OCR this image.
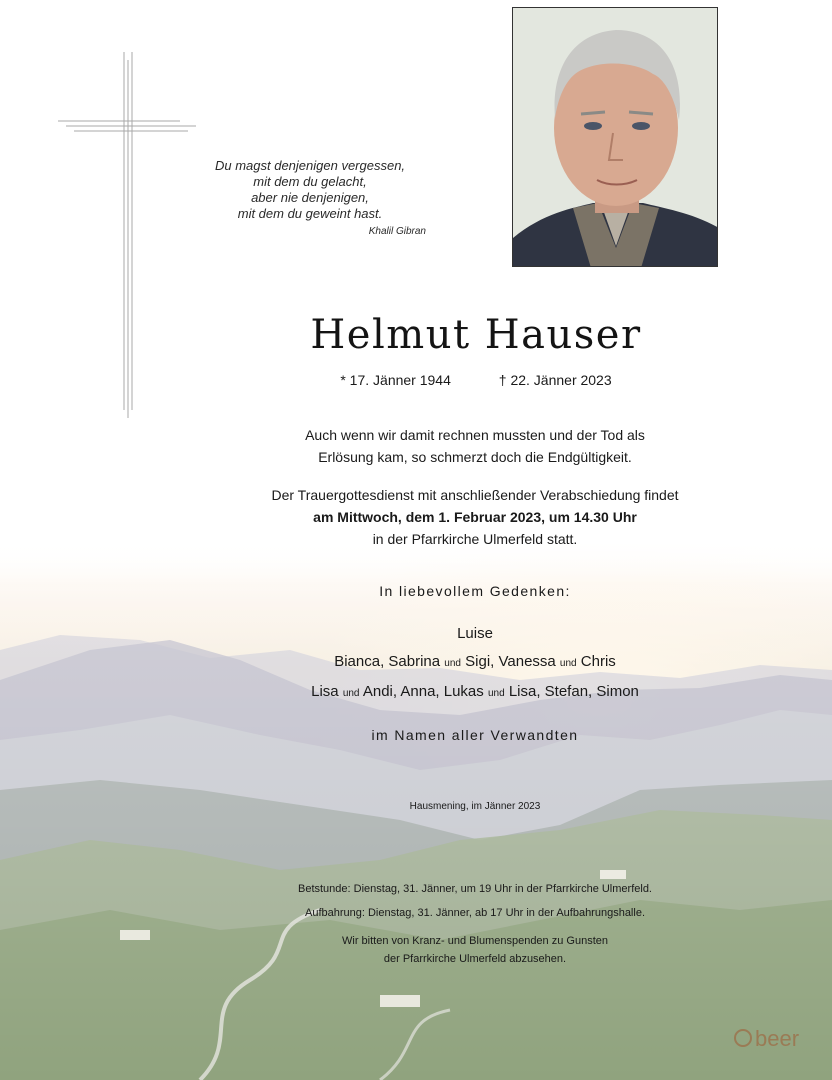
Du magst denjenigen vergessen,
mit dem du gelacht,
aber nie denjenigen,
mit dem du geweint hast.
Khalil Gibran
Helmut Hauser
* 17. Jänner 1944	† 22. Jänner 2023
Auch wenn wir damit rechnen mussten und der Tod als
Erlösung kam, so schmerzt doch die Endgültigkeit.
Der Trauergottesdienst mit anschließender Verabschiedung findet
am Mittwoch, dem 1. Februar 2023, um 14.30 Uhr
in der Pfarrkirche Ulmerfeld statt.
In liebevollem Gedenken:
Luise
Bianca, Sabrina und Sigi, Vanessa und Chris
Lisa und Andi, Anna, Lukas und Lisa, Stefan, Simon
im Namen aller Verwandten
Hausmening, im Jänner 2023
Betstunde: Dienstag, 31. Jänner, um 19 Uhr in der Pfarrkirche Ulmerfeld.
Aufbahrung: Dienstag, 31. Jänner, ab 17 Uhr in der Aufbahrungshalle.
Wir bitten von Kranz- und Blumenspenden zu Gunsten
der Pfarrkirche Ulmerfeld abzusehen.
beer
